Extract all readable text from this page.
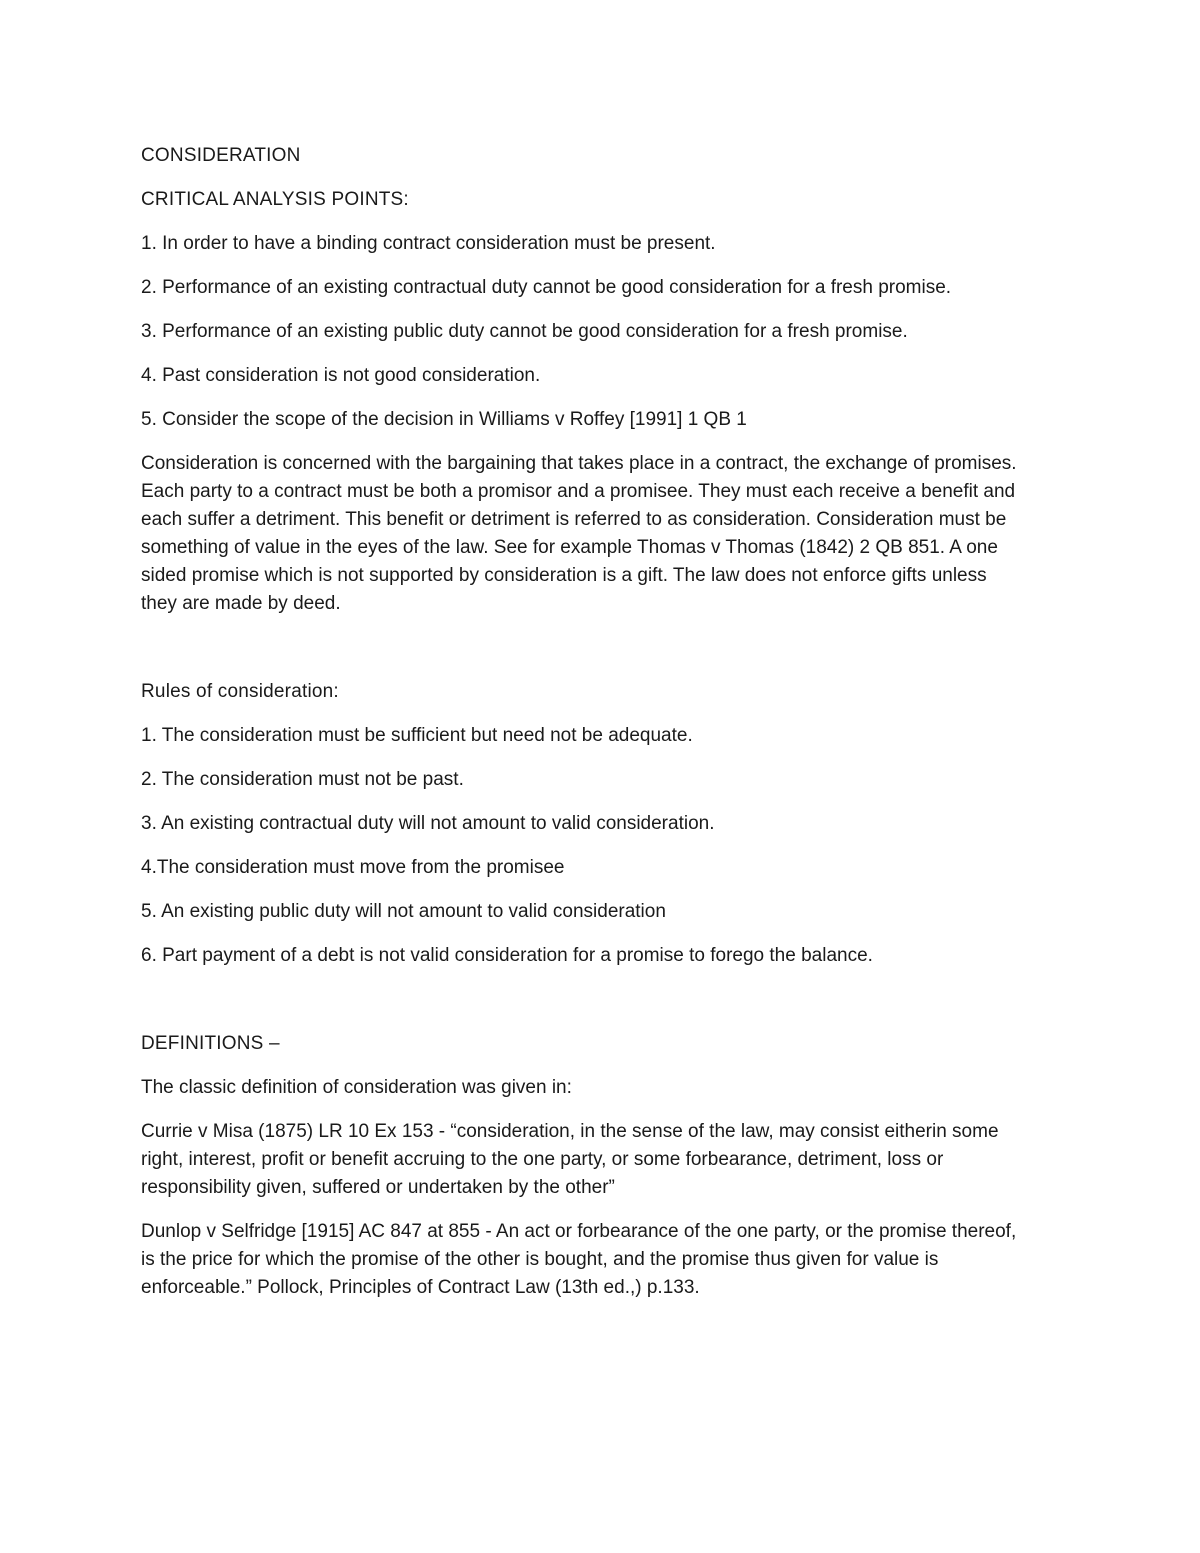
CONSIDERATION

CRITICAL ANALYSIS POINTS:

1. In order to have a binding contract consideration must be present.

2. Performance of an existing contractual duty cannot be good consideration for a fresh promise.

3. Performance of an existing public duty cannot be good consideration for a fresh promise.

4. Past consideration is not good consideration.

5. Consider the scope of the decision in Williams v Roffey [1991] 1 QB 1

Consideration is concerned with the bargaining that takes place in a contract, the exchange of promises.
Each party to a contract must be both a promisor and a promisee. They must each receive a benefit and
each suffer a detriment. This benefit or detriment is referred to as consideration. Consideration must be
something of value in the eyes of the law. See for example Thomas v Thomas (1842) 2 QB 851. A one
sided promise which is not supported by consideration is a gift. The law does not enforce gifts unless
they are made by deed.

Rules of consideration:

1. The consideration must be sufficient but need not be adequate.

2. The consideration must not be past.

3. An existing contractual duty will not amount to valid consideration.

4.The consideration must move from the promisee

5. An existing public duty will not amount to valid consideration

6. Part payment of a debt is not valid consideration for a promise to forego the balance.

DEFINITIONS –

The classic definition of consideration was given in:

Currie v Misa (1875) LR 10 Ex 153 - “consideration, in the sense of the law, may consist eitherin some
right, interest, profit or benefit accruing to the one party, or some forbearance, detriment, loss or
responsibility given, suffered or undertaken by the other”
Dunlop v Selfridge [1915] AC 847 at 855 - An act or forbearance of the one party, or the promise thereof,
is the price for which the promise of the other is bought, and the promise thus given for value is
enforceable.” Pollock, Principles of Contract Law (13th ed.,) p.133.
